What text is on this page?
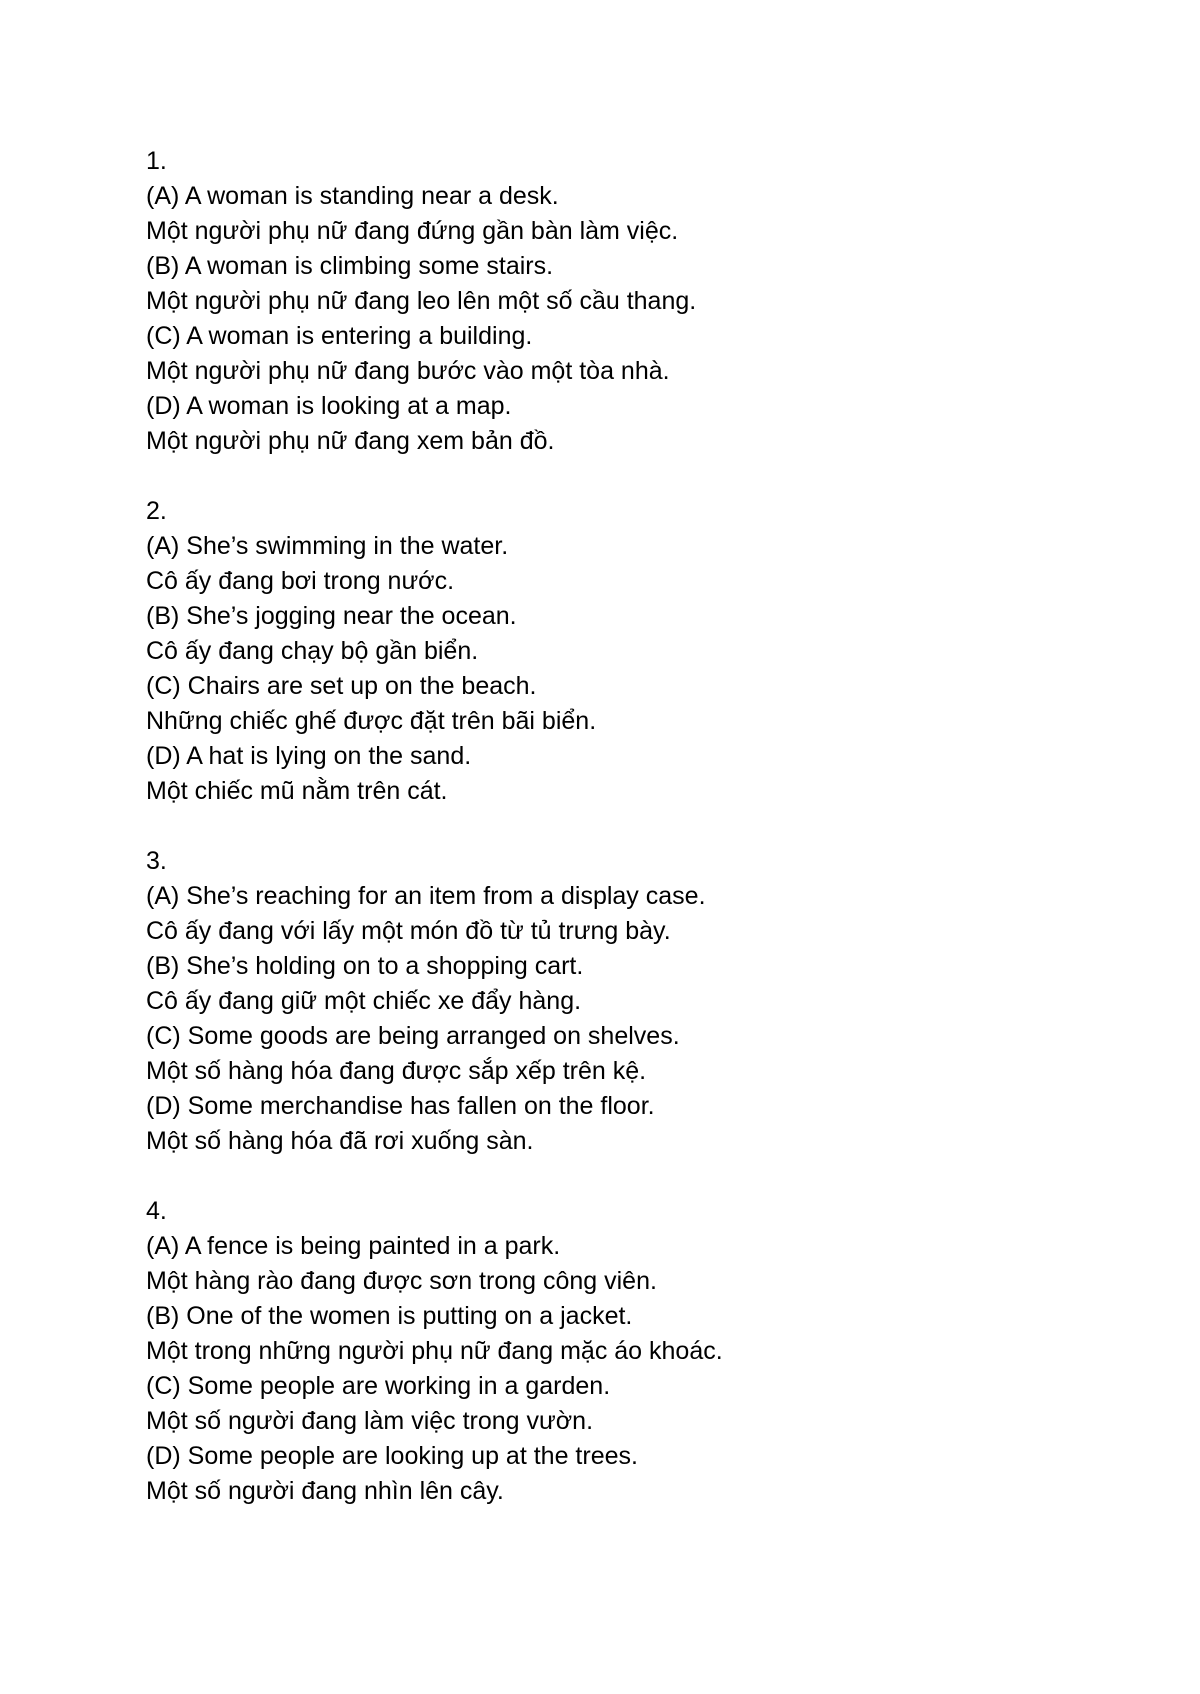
1.
(A) A woman is standing near a desk.
Một người phụ nữ đang đứng gần bàn làm việc.
(B) A woman is climbing some stairs.
Một người phụ nữ đang leo lên một số cầu thang.
(C) A woman is entering a building.
Một người phụ nữ đang bước vào một tòa nhà.
(D) A woman is looking at a map.
Một người phụ nữ đang xem bản đồ.
2.
(A) She’s swimming in the water.
Cô ấy đang bơi trong nước.
(B) She’s jogging near the ocean.
Cô ấy đang chạy bộ gần biển.
(C) Chairs are set up on the beach.
Những chiếc ghế được đặt trên bãi biển.
(D) A hat is lying on the sand.
Một chiếc mũ nằm trên cát.
3.
(A) She’s reaching for an item from a display case.
Cô ấy đang với lấy một món đồ từ tủ trưng bày.
(B) She’s holding on to a shopping cart.
Cô ấy đang giữ một chiếc xe đẩy hàng.
(C) Some goods are being arranged on shelves.
Một số hàng hóa đang được sắp xếp trên kệ.
(D) Some merchandise has fallen on the floor.
Một số hàng hóa đã rơi xuống sàn.
4.
(A) A fence is being painted in a park.
Một hàng rào đang được sơn trong công viên.
(B) One of the women is putting on a jacket.
Một trong những người phụ nữ đang mặc áo khoác.
(C) Some people are working in a garden.
Một số người đang làm việc trong vườn.
(D) Some people are looking up at the trees.
Một số người đang nhìn lên cây.
